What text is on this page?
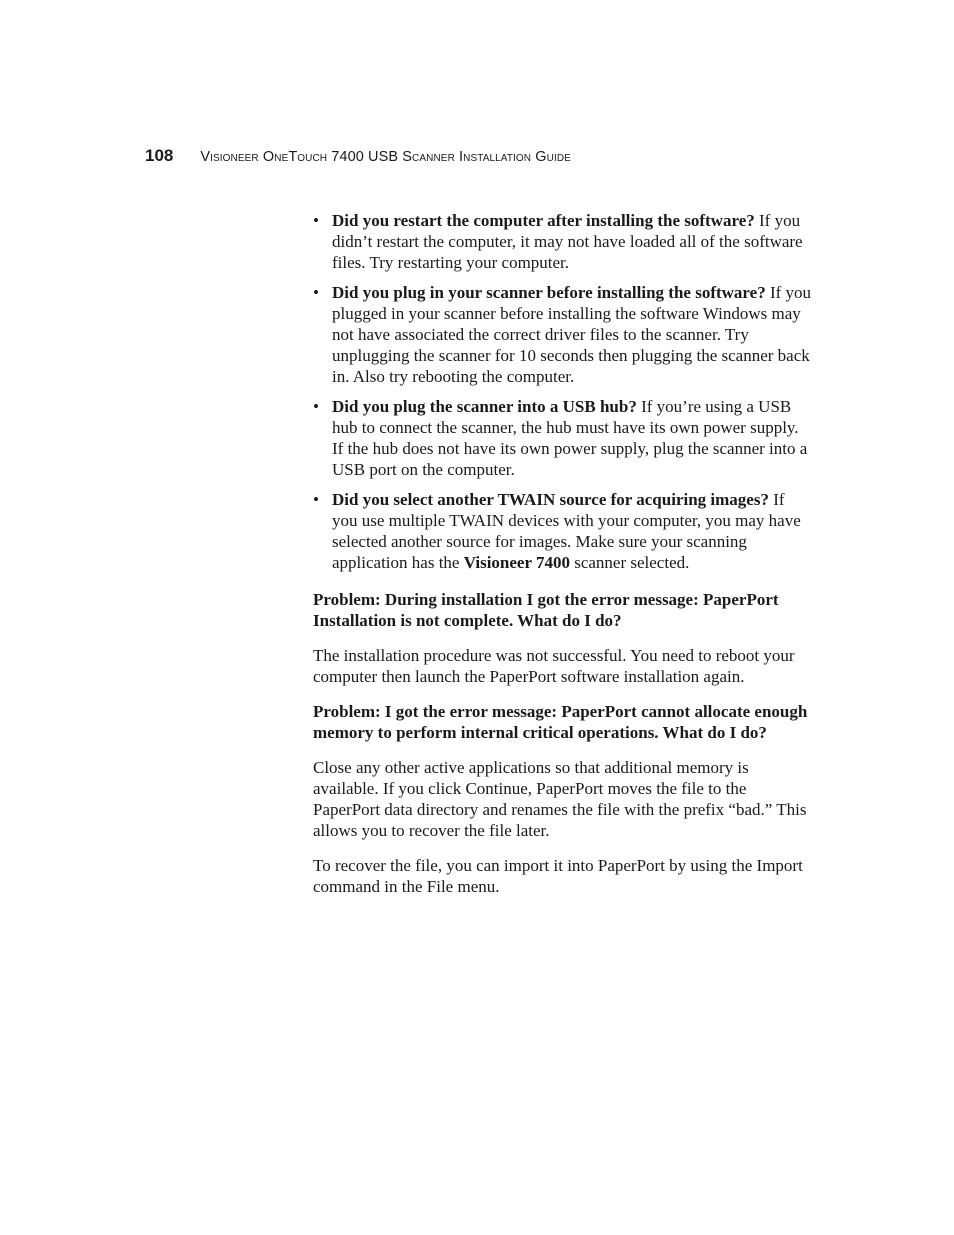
108 Visioneer OneTouch 7400 USB Scanner Installation Guide
• Did you restart the computer after installing the software? If you didn’t restart the computer, it may not have loaded all of the software files. Try restarting your computer.
• Did you plug in your scanner before installing the software? If you plugged in your scanner before installing the software Windows may not have associated the correct driver files to the scanner. Try unplugging the scanner for 10 seconds then plugging the scanner back in. Also try rebooting the computer.
• Did you plug the scanner into a USB hub? If you’re using a USB hub to connect the scanner, the hub must have its own power supply. If the hub does not have its own power supply, plug the scanner into a USB port on the computer.
• Did you select another TWAIN source for acquiring images? If you use multiple TWAIN devices with your computer, you may have selected another source for images. Make sure your scanning application has the Visioneer 7400 scanner selected.

Problem: During installation I got the error message: PaperPort Installation is not complete. What do I do?

The installation procedure was not successful. You need to reboot your computer then launch the PaperPort software installation again.

Problem: I got the error message: PaperPort cannot allocate enough memory to perform internal critical operations. What do I do?

Close any other active applications so that additional memory is available. If you click Continue, PaperPort moves the file to the PaperPort data directory and renames the file with the prefix “bad.” This allows you to recover the file later.

To recover the file, you can import it into PaperPort by using the Import command in the File menu.
